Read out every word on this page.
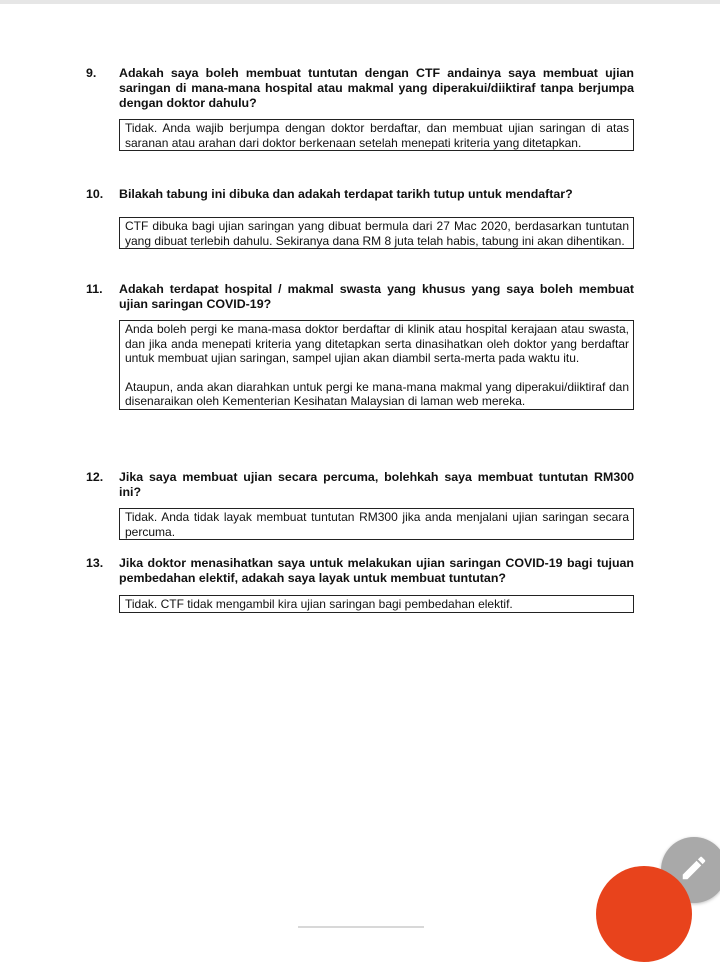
9.	Adakah saya boleh membuat tuntutan dengan CTF andainya saya membuat ujian saringan di mana-mana hospital atau makmal yang diperakui/diiktiraf tanpa berjumpa dengan doktor dahulu?

Tidak. Anda wajib berjumpa dengan doktor berdaftar, dan membuat ujian saringan di atas saranan atau arahan dari doktor berkenaan setelah menepati kriteria yang ditetapkan.

10.	Bilakah tabung ini dibuka dan adakah terdapat tarikh tutup untuk mendaftar?

CTF dibuka bagi ujian saringan yang dibuat bermula dari 27 Mac 2020, berdasarkan tuntutan yang dibuat terlebih dahulu. Sekiranya dana RM 8 juta telah habis, tabung ini akan dihentikan.

11.	Adakah terdapat hospital / makmal swasta yang khusus yang saya boleh membuat ujian saringan COVID-19?

Anda boleh pergi ke mana-masa doktor berdaftar di klinik atau hospital kerajaan atau swasta, dan jika anda menepati kriteria yang ditetapkan serta dinasihatkan oleh doktor yang berdaftar untuk membuat ujian saringan, sampel ujian akan diambil serta-merta pada waktu itu.

Ataupun, anda akan diarahkan untuk pergi ke mana-mana makmal yang diperakui/diiktiraf dan disenaraikan oleh Kementerian Kesihatan Malaysian di laman web mereka.

12.	Jika saya membuat ujian secara percuma, bolehkah saya membuat tuntutan RM300 ini?

Tidak. Anda tidak layak membuat tuntutan RM300 jika anda menjalani ujian saringan secara percuma.

13.	Jika doktor menasihatkan saya untuk melakukan ujian saringan COVID-19 bagi tujuan pembedahan elektif, adakah saya layak untuk membuat tuntutan?

Tidak. CTF tidak mengambil kira ujian saringan bagi pembedahan elektif.
